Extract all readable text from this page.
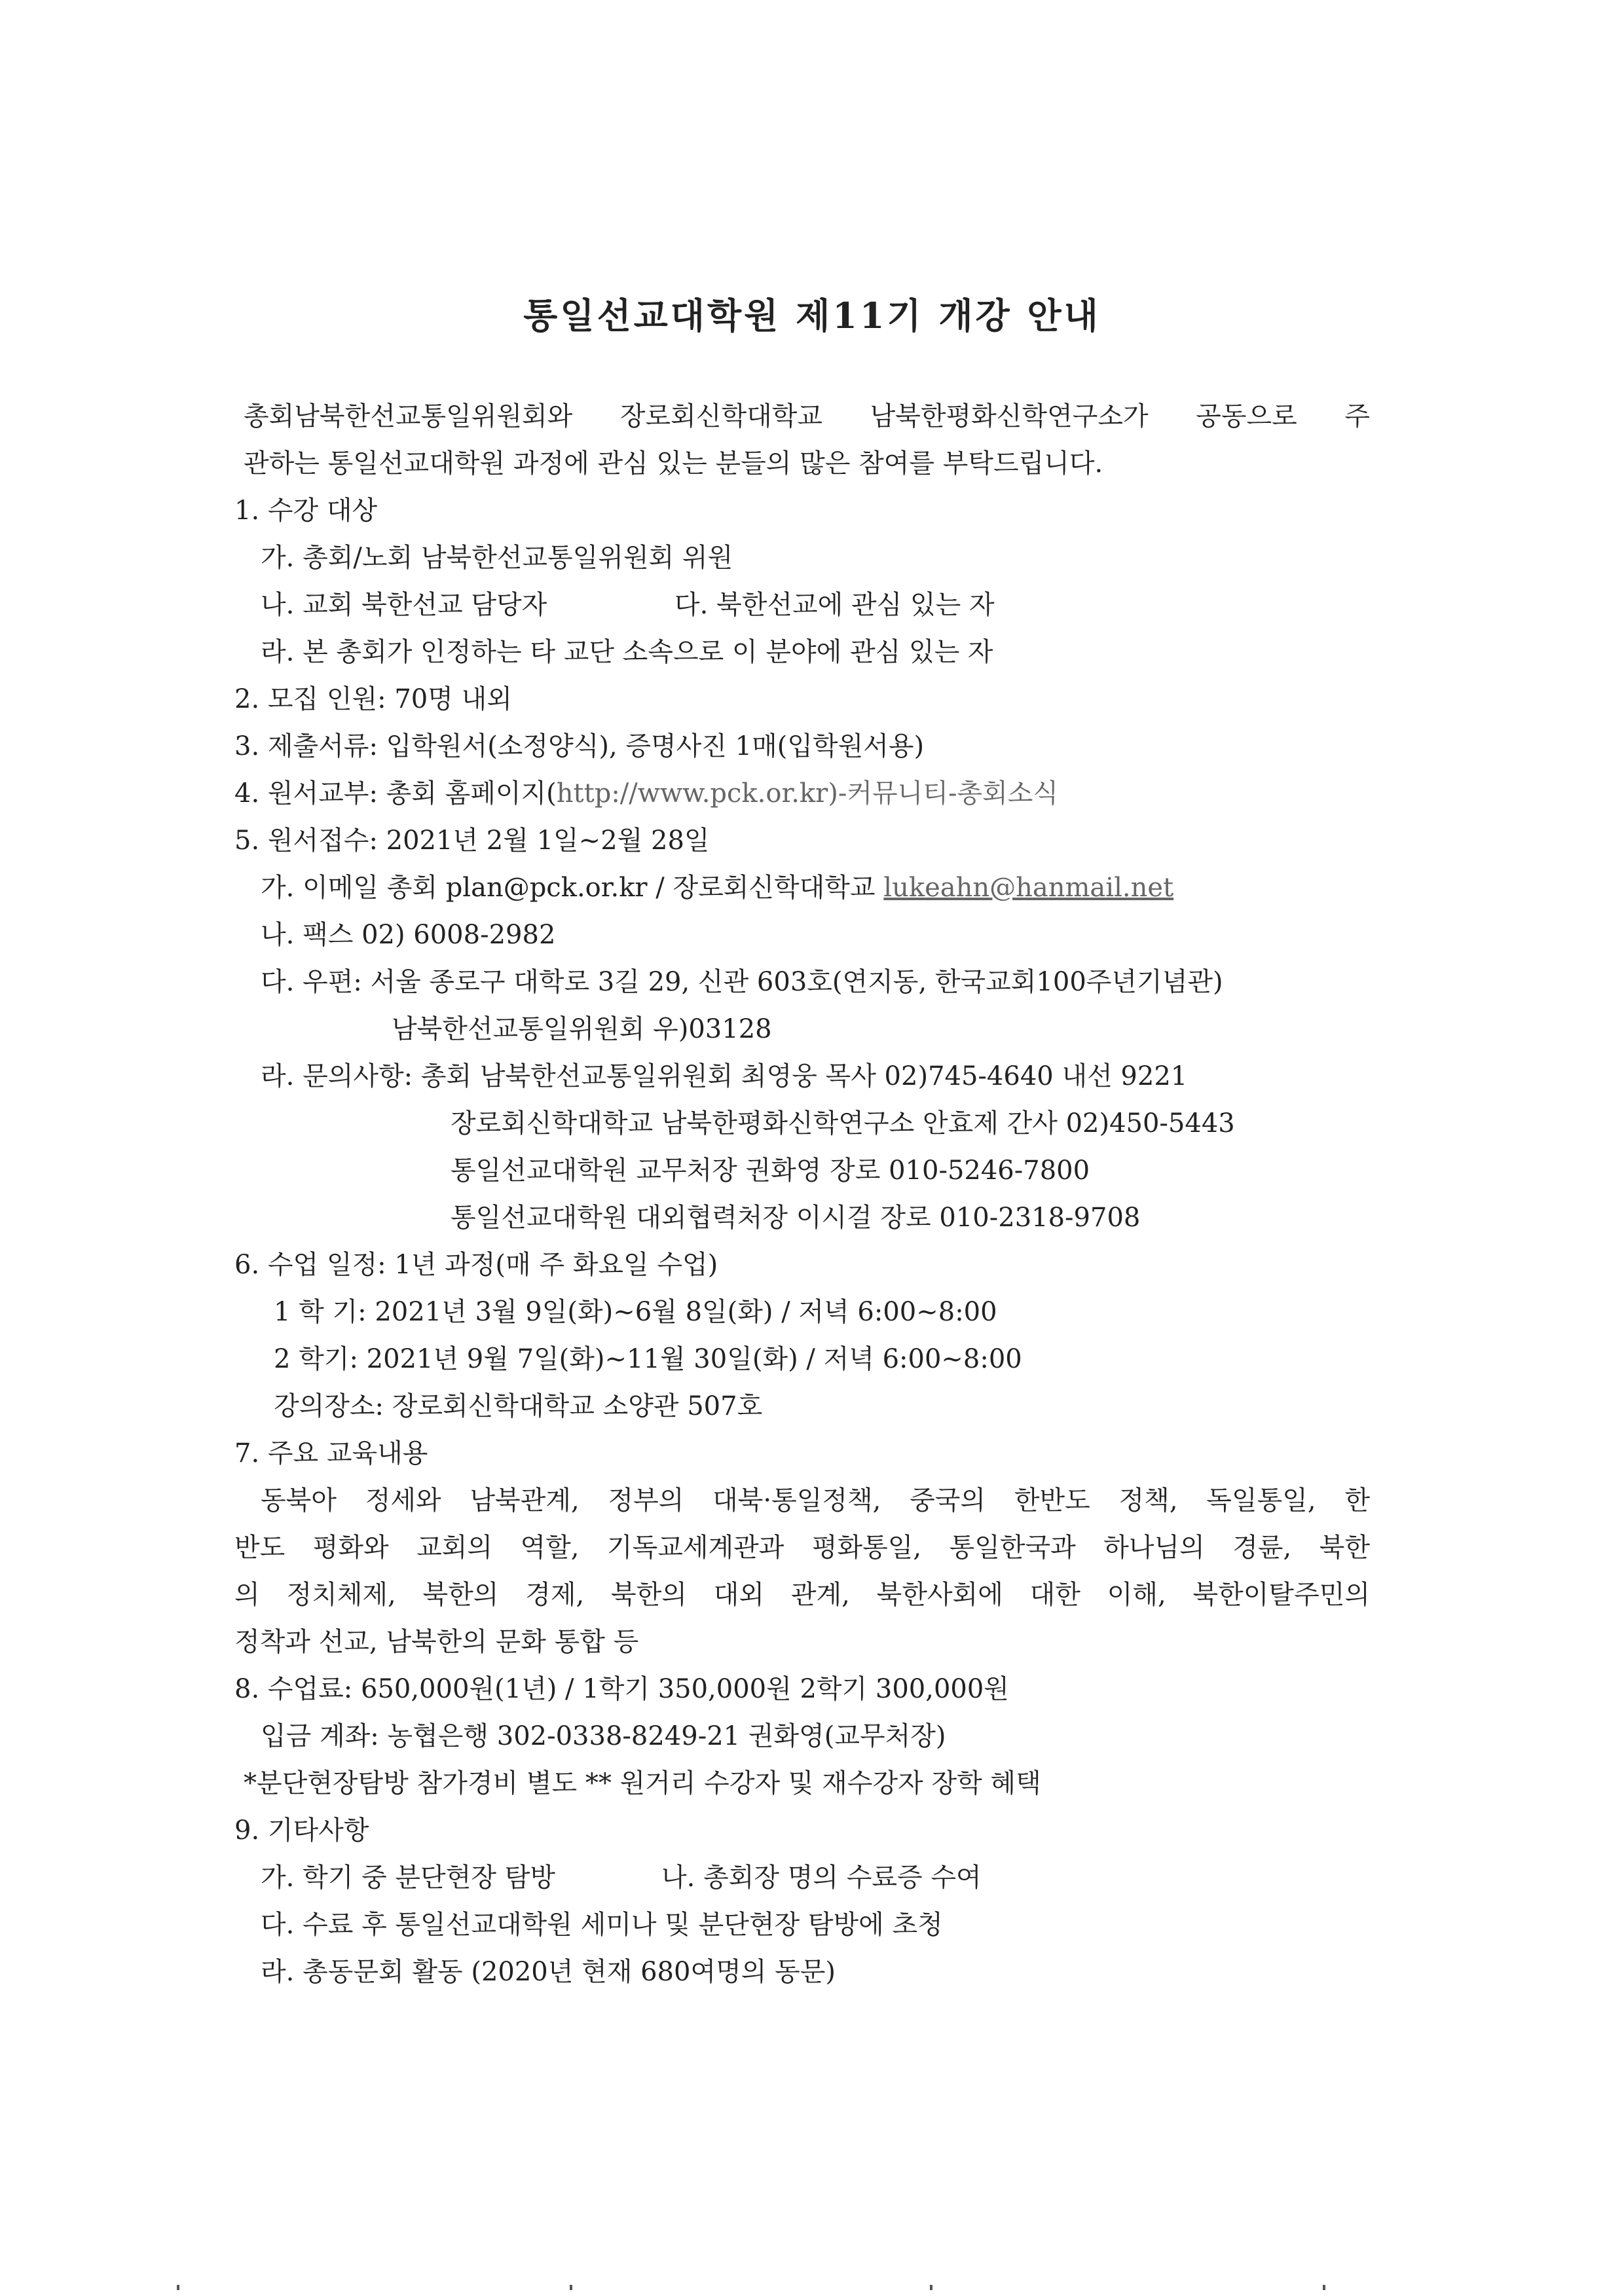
통일선교대학원 제11기 개강 안내
총회남북한선교통일위원회와 장로회신학대학교 남북한평화신학연구소가 공동으로 주
관하는 통일선교대학원 과정에 관심 있는 분들의 많은 참여를 부탁드립니다.
1. 수강 대상
가. 총회/노회 남북한선교통일위원회 위원
나. 교회 북한선교 담당자	다. 북한선교에 관심 있는 자
라. 본 총회가 인정하는 타 교단 소속으로 이 분야에 관심 있는 자
2. 모집 인원: 70명 내외
3. 제출서류: 입학원서(소정양식), 증명사진 1매(입학원서용)
4. 원서교부: 총회 홈페이지(http://www.pck.or.kr)-커뮤니티-총회소식
5. 원서접수: 2021년 2월 1일~2월 28일
가. 이메일 총회 plan@pck.or.kr / 장로회신학대학교 lukeahn@hanmail.net
나. 팩스 02) 6008-2982
다. 우편: 서울 종로구 대학로 3길 29, 신관 603호(연지동, 한국교회100주년기념관)
남북한선교통일위원회 우)03128
라. 문의사항: 총회 남북한선교통일위원회 최영웅 목사 02)745-4640 내선 9221
장로회신학대학교 남북한평화신학연구소 안효제 간사 02)450-5443
통일선교대학원 교무처장 권화영 장로 010-5246-7800
통일선교대학원 대외협력처장 이시걸 장로 010-2318-9708
6. 수업 일정: 1년 과정(매 주 화요일 수업)
1 학 기: 2021년 3월 9일(화)~6월 8일(화) / 저녁 6:00~8:00
2 학기: 2021년 9월 7일(화)~11월 30일(화) / 저녁 6:00~8:00
강의장소: 장로회신학대학교 소양관 507호
7. 주요 교육내용
동북아 정세와 남북관계, 정부의 대북·통일정책, 중국의 한반도 정책, 독일통일, 한
반도 평화와 교회의 역할, 기독교세계관과 평화통일, 통일한국과 하나님의 경륜, 북한
의 정치체제, 북한의 경제, 북한의 대외 관계, 북한사회에 대한 이해, 북한이탈주민의
정착과 선교, 남북한의 문화 통합 등
8. 수업료: 650,000원(1년) / 1학기 350,000원 2학기 300,000원
입금 계좌: 농협은행 302-0338-8249-21 권화영(교무처장)
*분단현장탐방 참가경비 별도 ** 원거리 수강자 및 재수강자 장학 혜택
9. 기타사항
가. 학기 중 분단현장 탐방	나. 총회장 명의 수료증 수여
다. 수료 후 통일선교대학원 세미나 및 분단현장 탐방에 초청
라. 총동문회 활동 (2020년 현재 680여명의 동문)
